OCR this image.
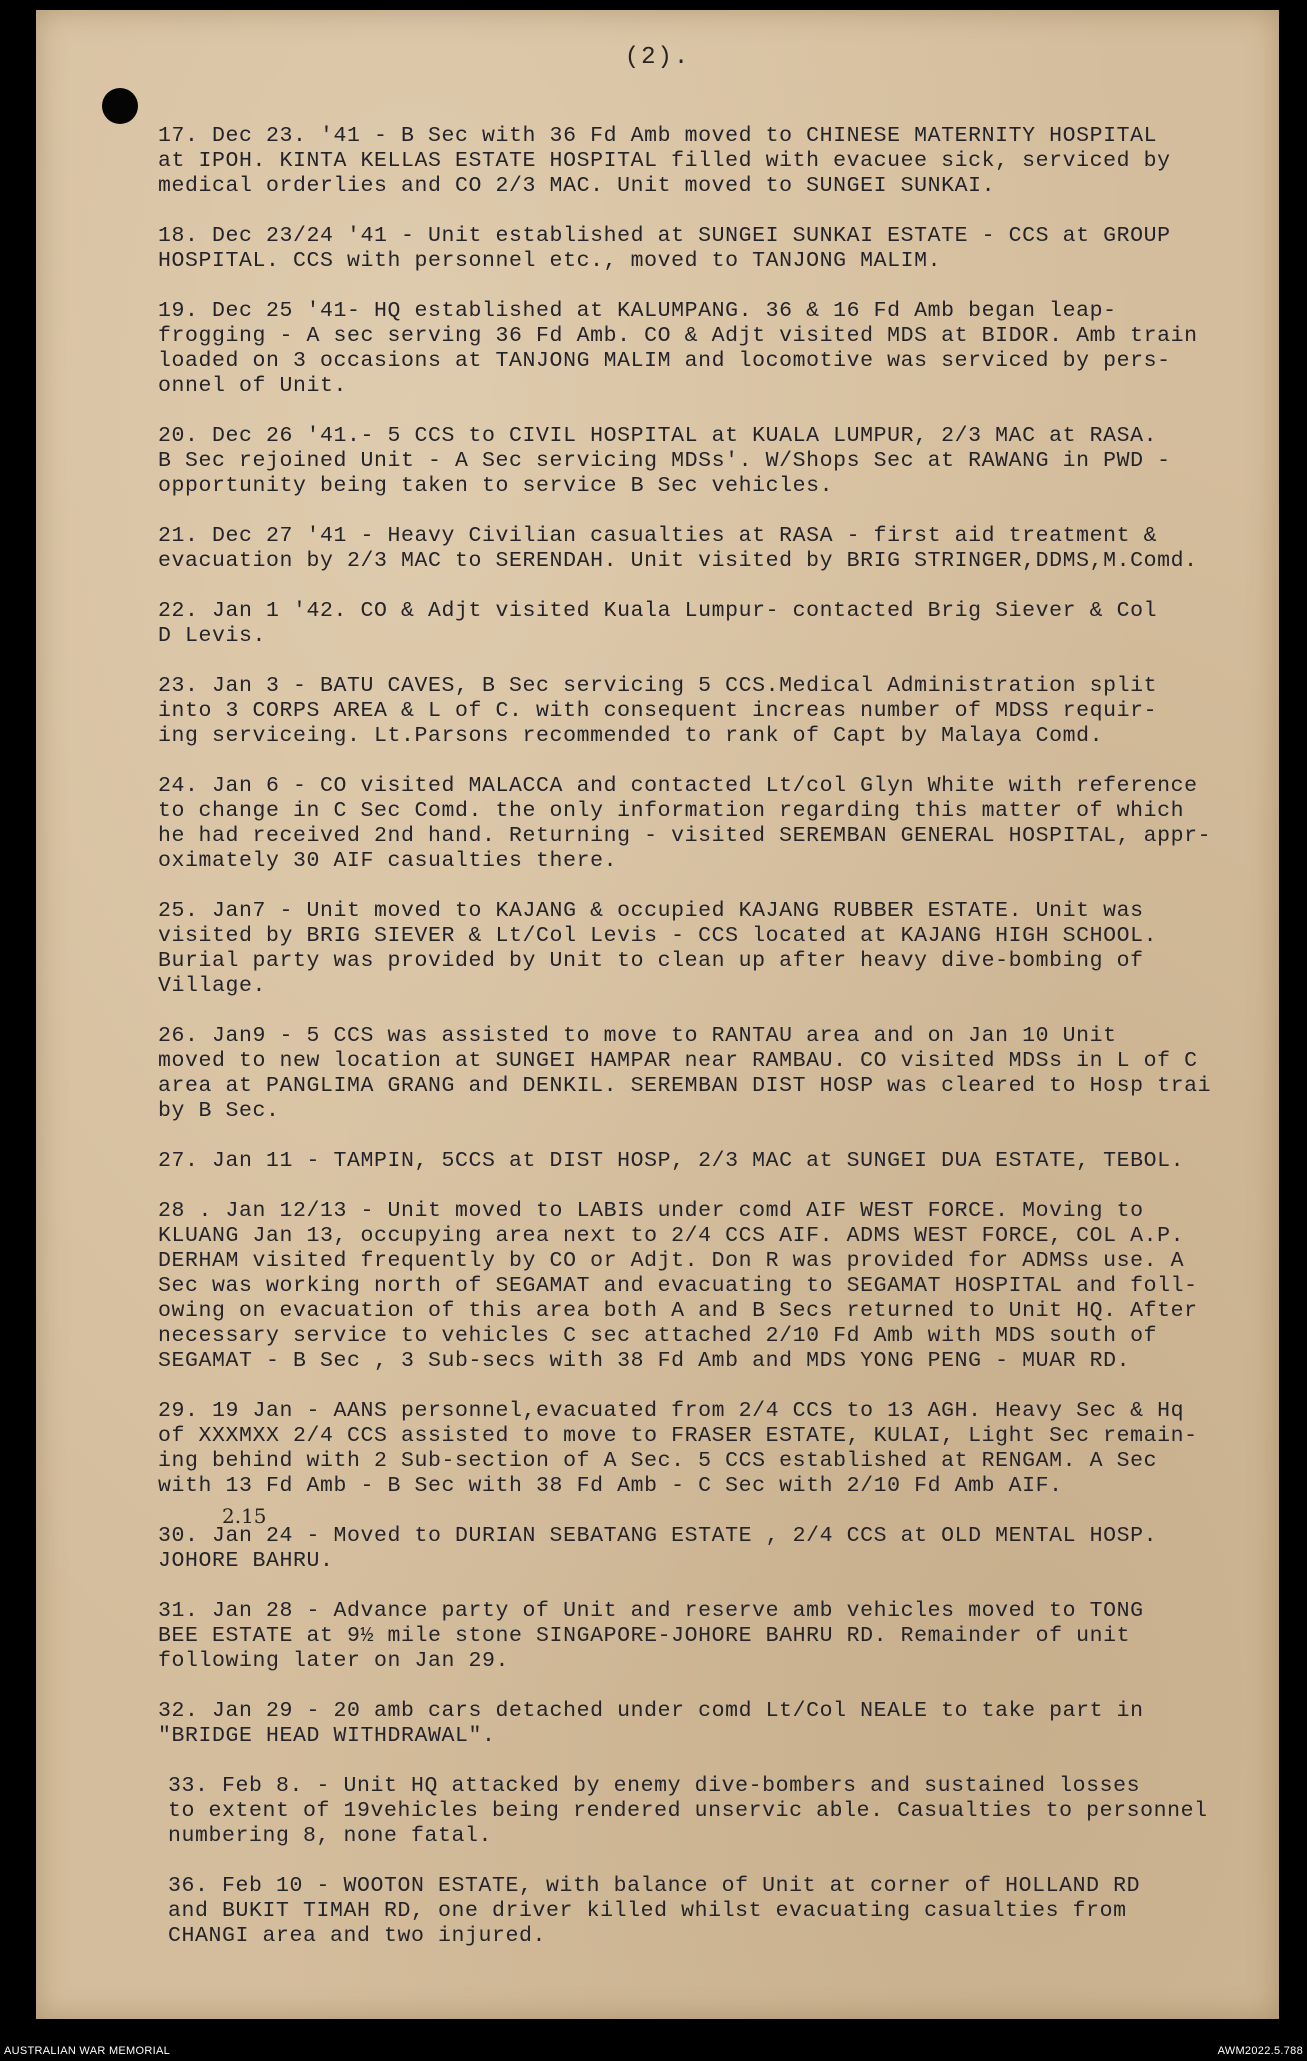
(2).

17. Dec 23. '41 - B Sec with 36 Fd Amb moved to CHINESE MATERNITY HOSPITAL
at IPOH. KINTA KELLAS ESTATE HOSPITAL filled with evacuee sick, serviced by
medical orderlies and CO 2/3 MAC. Unit moved to SUNGEI SUNKAI.

18. Dec 23/24 '41 - Unit established at SUNGEI SUNKAI ESTATE - CCS at GROUP
HOSPITAL. CCS with personnel etc., moved to TANJONG MALIM.

19. Dec 25 '41- HQ established at KALUMPANG. 36 & 16 Fd Amb began leap-
frogging - A sec serving 36 Fd Amb. CO & Adjt visited MDS at BIDOR. Amb train
loaded on 3 occasions at TANJONG MALIM and locomotive was serviced by pers-
onnel of Unit.

20. Dec 26 '41.- 5 CCS to CIVIL HOSPITAL at KUALA LUMPUR, 2/3 MAC at RASA.
B Sec rejoined Unit - A Sec servicing MDSs'. W/Shops Sec at RAWANG in PWD -
opportunity being taken to service B Sec vehicles.

21. Dec 27 '41 - Heavy Civilian casualties at RASA - first aid treatment &
evacuation by 2/3 MAC to SERENDAH. Unit visited by BRIG STRINGER,DDMS,M.Comd.

22. Jan 1 '42. CO & Adjt visited Kuala Lumpur- contacted Brig Siever & Col
D Levis.

23. Jan 3 - BATU CAVES, B Sec servicing 5 CCS.Medical Administration split
into 3 CORPS AREA & L of C. with consequent increas number of MDSS requir-
ing serviceing. Lt.Parsons recommended to rank of Capt by Malaya Comd.

24. Jan 6 - CO visited MALACCA and contacted Lt/col Glyn White with reference
to change in C Sec Comd. the only information regarding this matter of which
he had received 2nd hand. Returning - visited SEREMBAN GENERAL HOSPITAL, appr-
oximately 30 AIF casualties there.

25. Jan7 - Unit moved to KAJANG & occupied KAJANG RUBBER ESTATE. Unit was
visited by BRIG SIEVER & Lt/Col Levis - CCS located at KAJANG HIGH SCHOOL.
Burial party was provided by Unit to clean up after heavy dive-bombing of
Village.

26. Jan9 - 5 CCS was assisted to move to RANTAU area and on Jan 10 Unit
moved to new location at SUNGEI HAMPAR near RAMBAU. CO visited MDSs in L of C
area at PANGLIMA GRANG and DENKIL. SEREMBAN DIST HOSP was cleared to Hosp trai
by B Sec.

27. Jan 11 - TAMPIN, 5CCS at DIST HOSP, 2/3 MAC at SUNGEI DUA ESTATE, TEBOL.

28 . Jan 12/13 - Unit moved to LABIS under comd AIF WEST FORCE. Moving to
KLUANG Jan 13, occupying area next to 2/4 CCS AIF. ADMS WEST FORCE, COL A.P.
DERHAM visited frequently by CO or Adjt. Don R was provided for ADMSs use. A
Sec was working north of SEGAMAT and evacuating to SEGAMAT HOSPITAL and foll-
owing on evacuation of this area both A and B Secs returned to Unit HQ. After
necessary service to vehicles C sec attached 2/10 Fd Amb with MDS south of
SEGAMAT - B Sec , 3 Sub-secs with 38 Fd Amb and MDS YONG PENG - MUAR RD.

29. 19 Jan - AANS personnel,evacuated from 2/4 CCS to 13 AGH. Heavy Sec & Hq
of XXXMXX 2/4 CCS assisted to move to FRASER ESTATE, KULAI, Light Sec remain-
ing behind with 2 Sub-section of A Sec. 5 CCS established at RENGAM. A Sec
with 13 Fd Amb - B Sec with 38 Fd Amb - C Sec with 2/10 Fd Amb AIF.

30. Jan 24 - Moved to DURIAN SEBATANG ESTATE , 2/4 CCS at OLD MENTAL HOSP.
JOHORE BAHRU.

31. Jan 28 - Advance party of Unit and reserve amb vehicles moved to TONG
BEE ESTATE at 9½ mile stone SINGAPORE-JOHORE BAHRU RD. Remainder of unit
following later on Jan 29.

32. Jan 29 - 20 amb cars detached under comd Lt/Col NEALE to take part in
"BRIDGE HEAD WITHDRAWAL".

33. Feb 8. - Unit HQ attacked by enemy dive-bombers and sustained losses
to extent of 19vehicles being rendered unservic able. Casualties to personnel
numbering 8, none fatal.

36. Feb 10 - WOOTON ESTATE, with balance of Unit at corner of HOLLAND RD
and BUKIT TIMAH RD, one driver killed whilst evacuating casualties from
CHANGI area and two injured.

2.15
AUSTRALIAN WAR MEMORIAL	AWM2022.5.788
